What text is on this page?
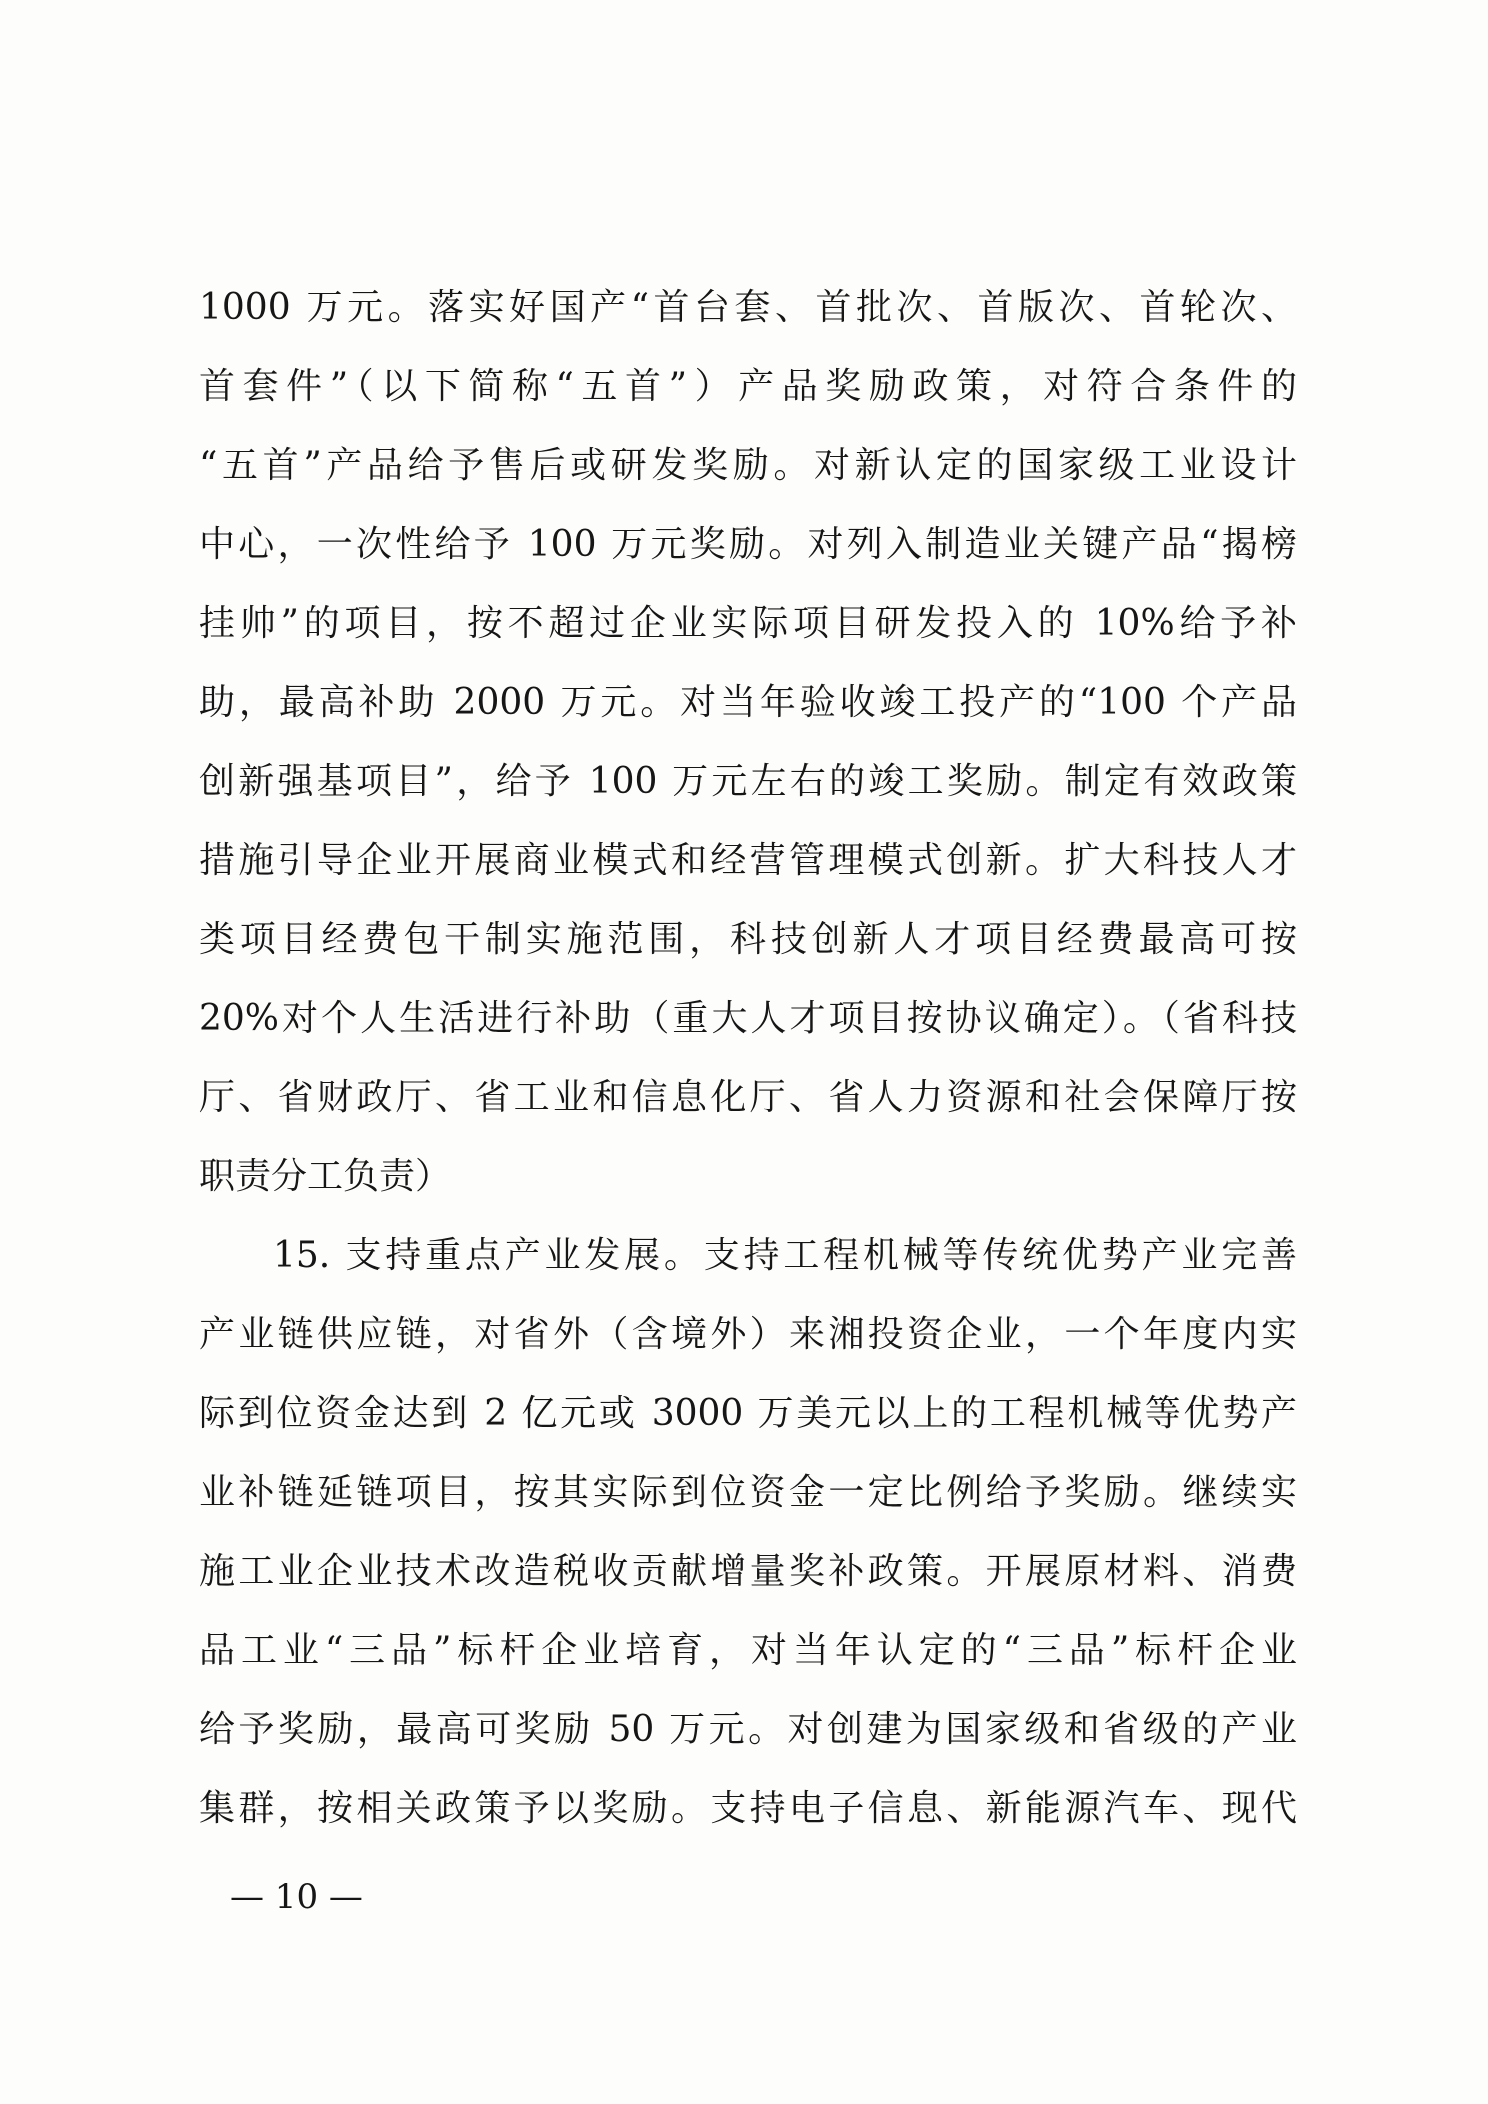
1000 万元。落实好国产“首台套、首批次、首版次、首轮次、
首套件”（以下简称“五首”）产品奖励政策，对符合条件的
“五首”产品给予售后或研发奖励。对新认定的国家级工业设计
中心，一次性给予 100 万元奖励。对列入制造业关键产品“揭榜
挂帅”的项目，按不超过企业实际项目研发投入的 10%给予补
助，最高补助 2000 万元。对当年验收竣工投产的“100 个产品
创新强基项目”，给予 100 万元左右的竣工奖励。制定有效政策
措施引导企业开展商业模式和经营管理模式创新。扩大科技人才
类项目经费包干制实施范围，科技创新人才项目经费最高可按
20%对个人生活进行补助（重大人才项目按协议确定）。（省科技
厅、省财政厅、省工业和信息化厅、省人力资源和社会保障厅按
职责分工负责）
15. 支持重点产业发展。支持工程机械等传统优势产业完善
产业链供应链，对省外（含境外）来湘投资企业，一个年度内实
际到位资金达到 2 亿元或 3000 万美元以上的工程机械等优势产
业补链延链项目，按其实际到位资金一定比例给予奖励。继续实
施工业企业技术改造税收贡献增量奖补政策。开展原材料、消费
品工业“三品”标杆企业培育，对当年认定的“三品”标杆企业
给予奖励，最高可奖励 50 万元。对创建为国家级和省级的产业
集群，按相关政策予以奖励。支持电子信息、新能源汽车、现代
— 10 —
